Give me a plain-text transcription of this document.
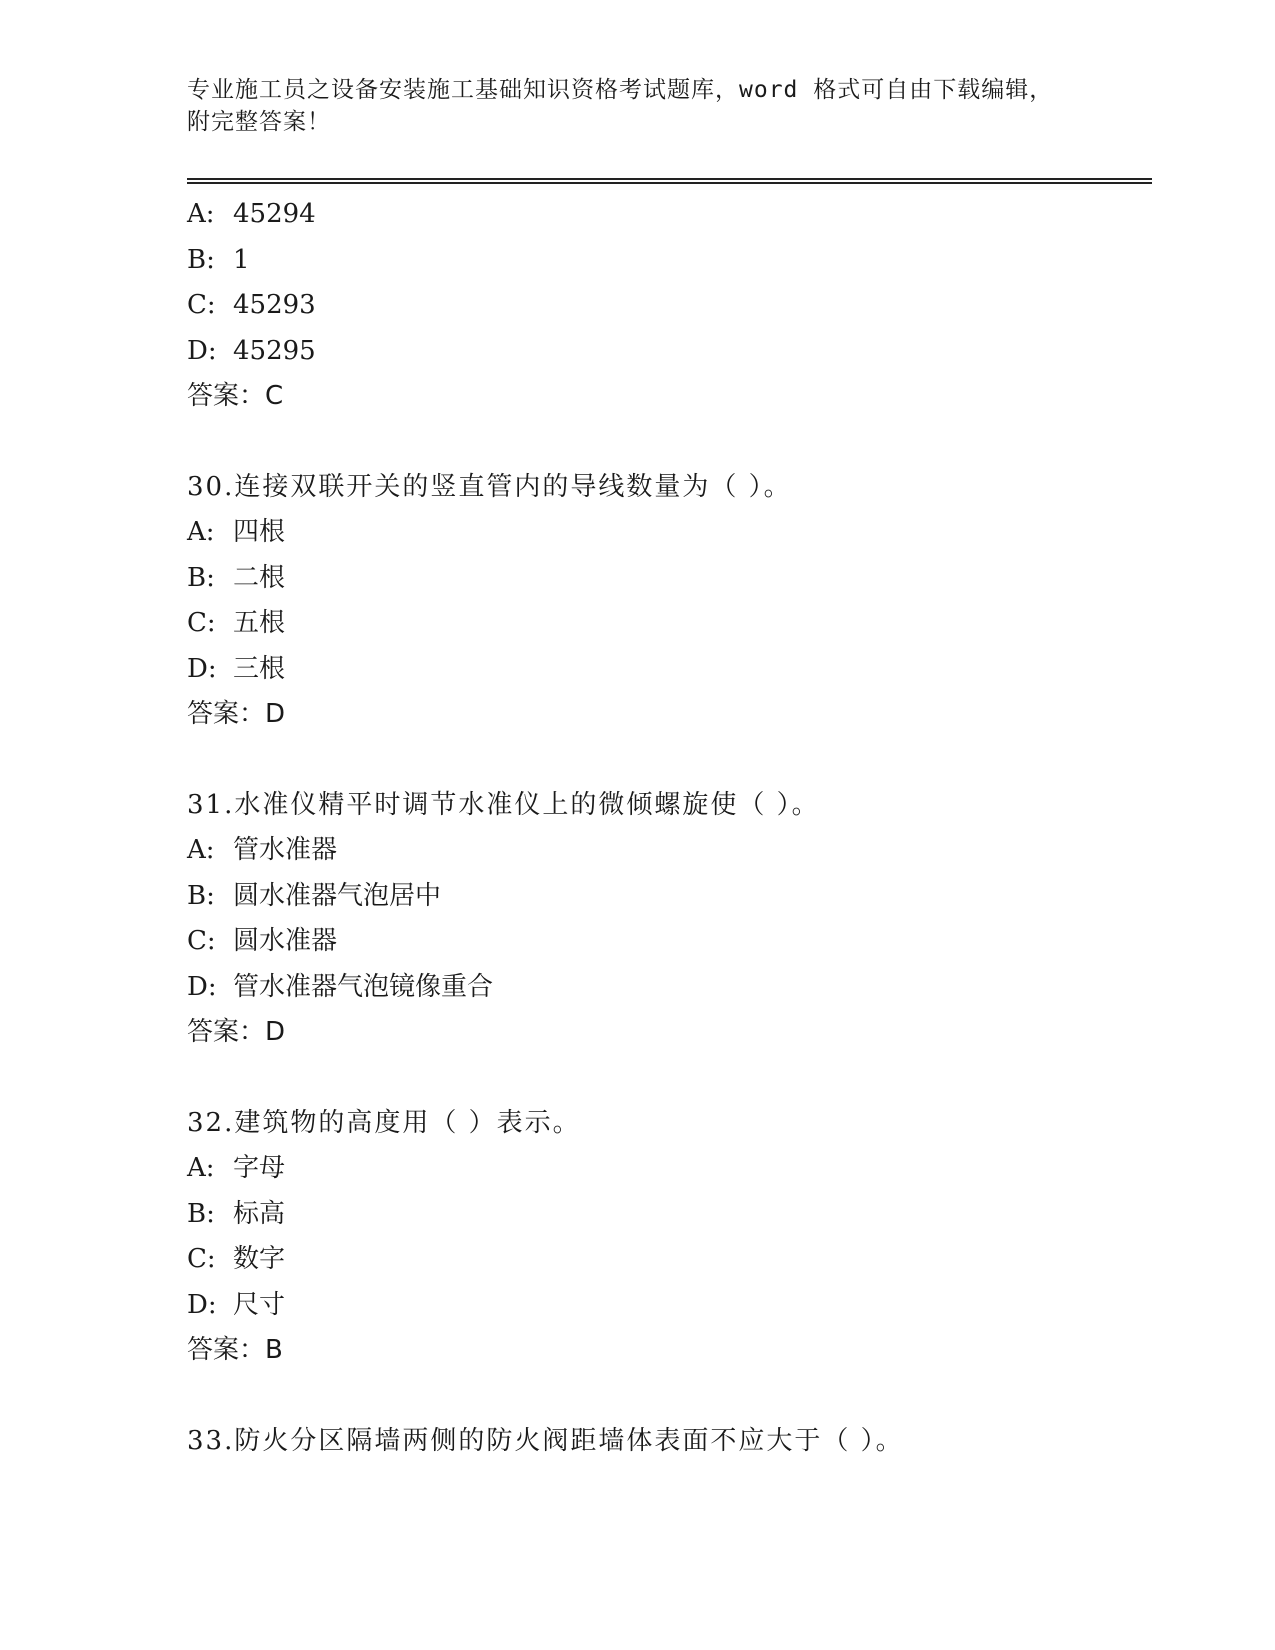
专业施工员之设备安装施工基础知识资格考试题库，word 格式可自由下载编辑，
附完整答案！
A: 45294
B: 1
C: 45293
D: 45295
答案：C
30.连接双联开关的竖直管内的导线数量为（ ）。
A: 四根
B: 二根
C: 五根
D: 三根
答案：D
31.水准仪精平时调节水准仪上的微倾螺旋使（ ）。
A: 管水准器
B: 圆水准器气泡居中
C: 圆水准器
D: 管水准器气泡镜像重合
答案：D
32.建筑物的高度用（ ）表示。
A: 字母
B: 标高
C: 数字
D: 尺寸
答案：B
33.防火分区隔墙两侧的防火阀距墙体表面不应大于（ ）。
